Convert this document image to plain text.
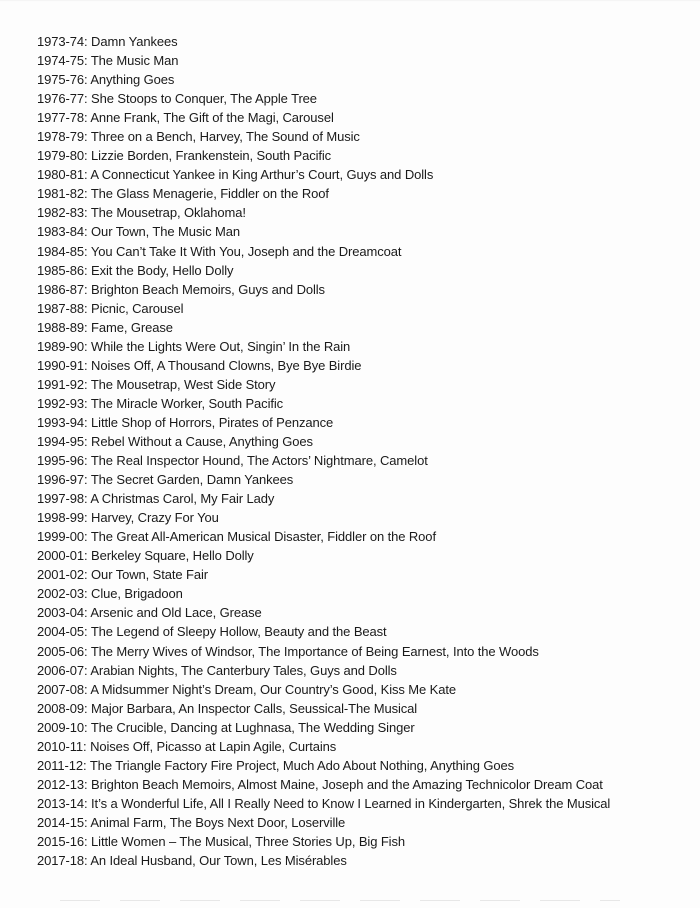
1973-74 : Damn Yankees
1974-75 : The Music Man
1975-76 : Anything Goes
1976-77 : She Stoops to Conquer, The Apple Tree
1977-78 : Anne Frank, The Gift of the Magi, Carousel
1978-79 : Three on a Bench, Harvey, The Sound of Music
1979-80 : Lizzie Borden, Frankenstein, South Pacific
1980-81 : A Connecticut Yankee in King Arthur’s Court, Guys and Dolls
1981-82 : The Glass Menagerie, Fiddler on the Roof
1982-83 : The Mousetrap, Oklahoma!
1983-84 : Our Town, The Music Man
1984-85 : You Can’t Take It With You, Joseph and the Dreamcoat
1985-86 : Exit the Body, Hello Dolly
1986-87 : Brighton Beach Memoirs, Guys and Dolls
1987-88 : Picnic, Carousel
1988-89 : Fame, Grease
1989-90 : While the Lights Were Out, Singin’ In the Rain
1990-91 : Noises Off, A Thousand Clowns, Bye Bye Birdie
1991-92 : The Mousetrap, West Side Story
1992-93 : The Miracle Worker, South Pacific
1993-94 : Little Shop of Horrors, Pirates of Penzance
1994-95 : Rebel Without a Cause, Anything Goes
1995-96 : The Real Inspector Hound, The Actors’ Nightmare, Camelot
1996-97 : The Secret Garden, Damn Yankees
1997-98 : A Christmas Carol, My Fair Lady
1998-99 : Harvey, Crazy For You
1999-00 : The Great All-American Musical Disaster, Fiddler on the Roof
2000-01 : Berkeley Square, Hello Dolly
2001-02 : Our Town, State Fair
2002-03 : Clue, Brigadoon
2003-04 : Arsenic and Old Lace, Grease
2004-05 : The Legend of Sleepy Hollow, Beauty and the Beast
2005-06 : The Merry Wives of Windsor, The Importance of Being Earnest, Into the Woods
2006-07 : Arabian Nights, The Canterbury Tales, Guys and Dolls
2007-08 : A Midsummer Night’s Dream, Our Country’s Good, Kiss Me Kate
2008-09 : Major Barbara, An Inspector Calls, Seussical-The Musical
2009-10 : The Crucible, Dancing at Lughnasa, The Wedding Singer
2010-11 : Noises Off, Picasso at Lapin Agile, Curtains
2011-12 : The Triangle Factory Fire Project, Much Ado About Nothing, Anything Goes
2012-13 : Brighton Beach Memoirs, Almost Maine, Joseph and the Amazing Technicolor Dream Coat
2013-14 : It’s a Wonderful Life, All I Really Need to Know I Learned in Kindergarten, Shrek the Musical
2014-15 : Animal Farm, The Boys Next Door, Loserville
2015-16 : Little Women – The Musical, Three Stories Up, Big Fish
2017-18 : An Ideal Husband, Our Town, Les Misérables
